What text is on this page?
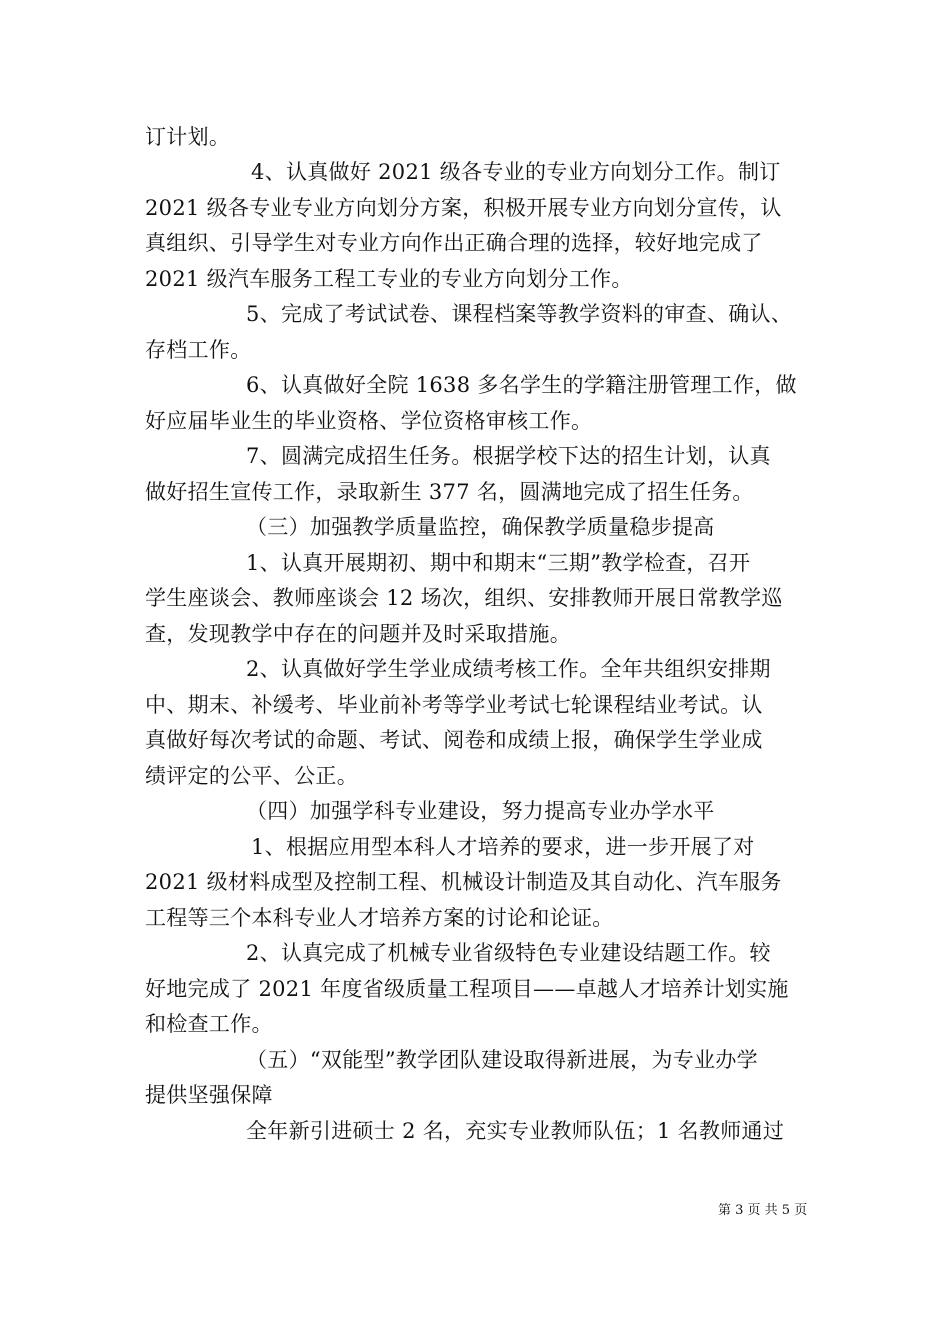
订计划。
4、认真做好 2021 级各专业的专业方向划分工作。制订
2021 级各专业专业方向划分方案，积极开展专业方向划分宣传，认
真组织、引导学生对专业方向作出正确合理的选择，较好地完成了
2021 级汽车服务工程工专业的专业方向划分工作。
5、完成了考试试卷、课程档案等教学资料的审查、确认、
存档工作。
6、认真做好全院 1638 多名学生的学籍注册管理工作，做
好应届毕业生的毕业资格、学位资格审核工作。
7、圆满完成招生任务。根据学校下达的招生计划，认真
做好招生宣传工作，录取新生 377 名，圆满地完成了招生任务。
（三）加强教学质量监控，确保教学质量稳步提高
1、认真开展期初、期中和期末“三期”教学检查，召开
学生座谈会、教师座谈会 12 场次，组织、安排教师开展日常教学巡
查，发现教学中存在的问题并及时采取措施。
2、认真做好学生学业成绩考核工作。全年共组织安排期
中、期末、补缓考、毕业前补考等学业考试七轮课程结业考试。认
真做好每次考试的命题、考试、阅卷和成绩上报，确保学生学业成
绩评定的公平、公正。
（四）加强学科专业建设，努力提高专业办学水平
1、根据应用型本科人才培养的要求，进一步开展了对
2021 级材料成型及控制工程、机械设计制造及其自动化、汽车服务
工程等三个本科专业人才培养方案的讨论和论证。
2、认真完成了机械专业省级特色专业建设结题工作。较
好地完成了 2021 年度省级质量工程项目——卓越人才培养计划实施
和检查工作。
（五）“双能型”教学团队建设取得新进展，为专业办学
提供坚强保障
全年新引进硕士 2 名，充实专业教师队伍；1 名教师通过
第 3 页 共 5 页
